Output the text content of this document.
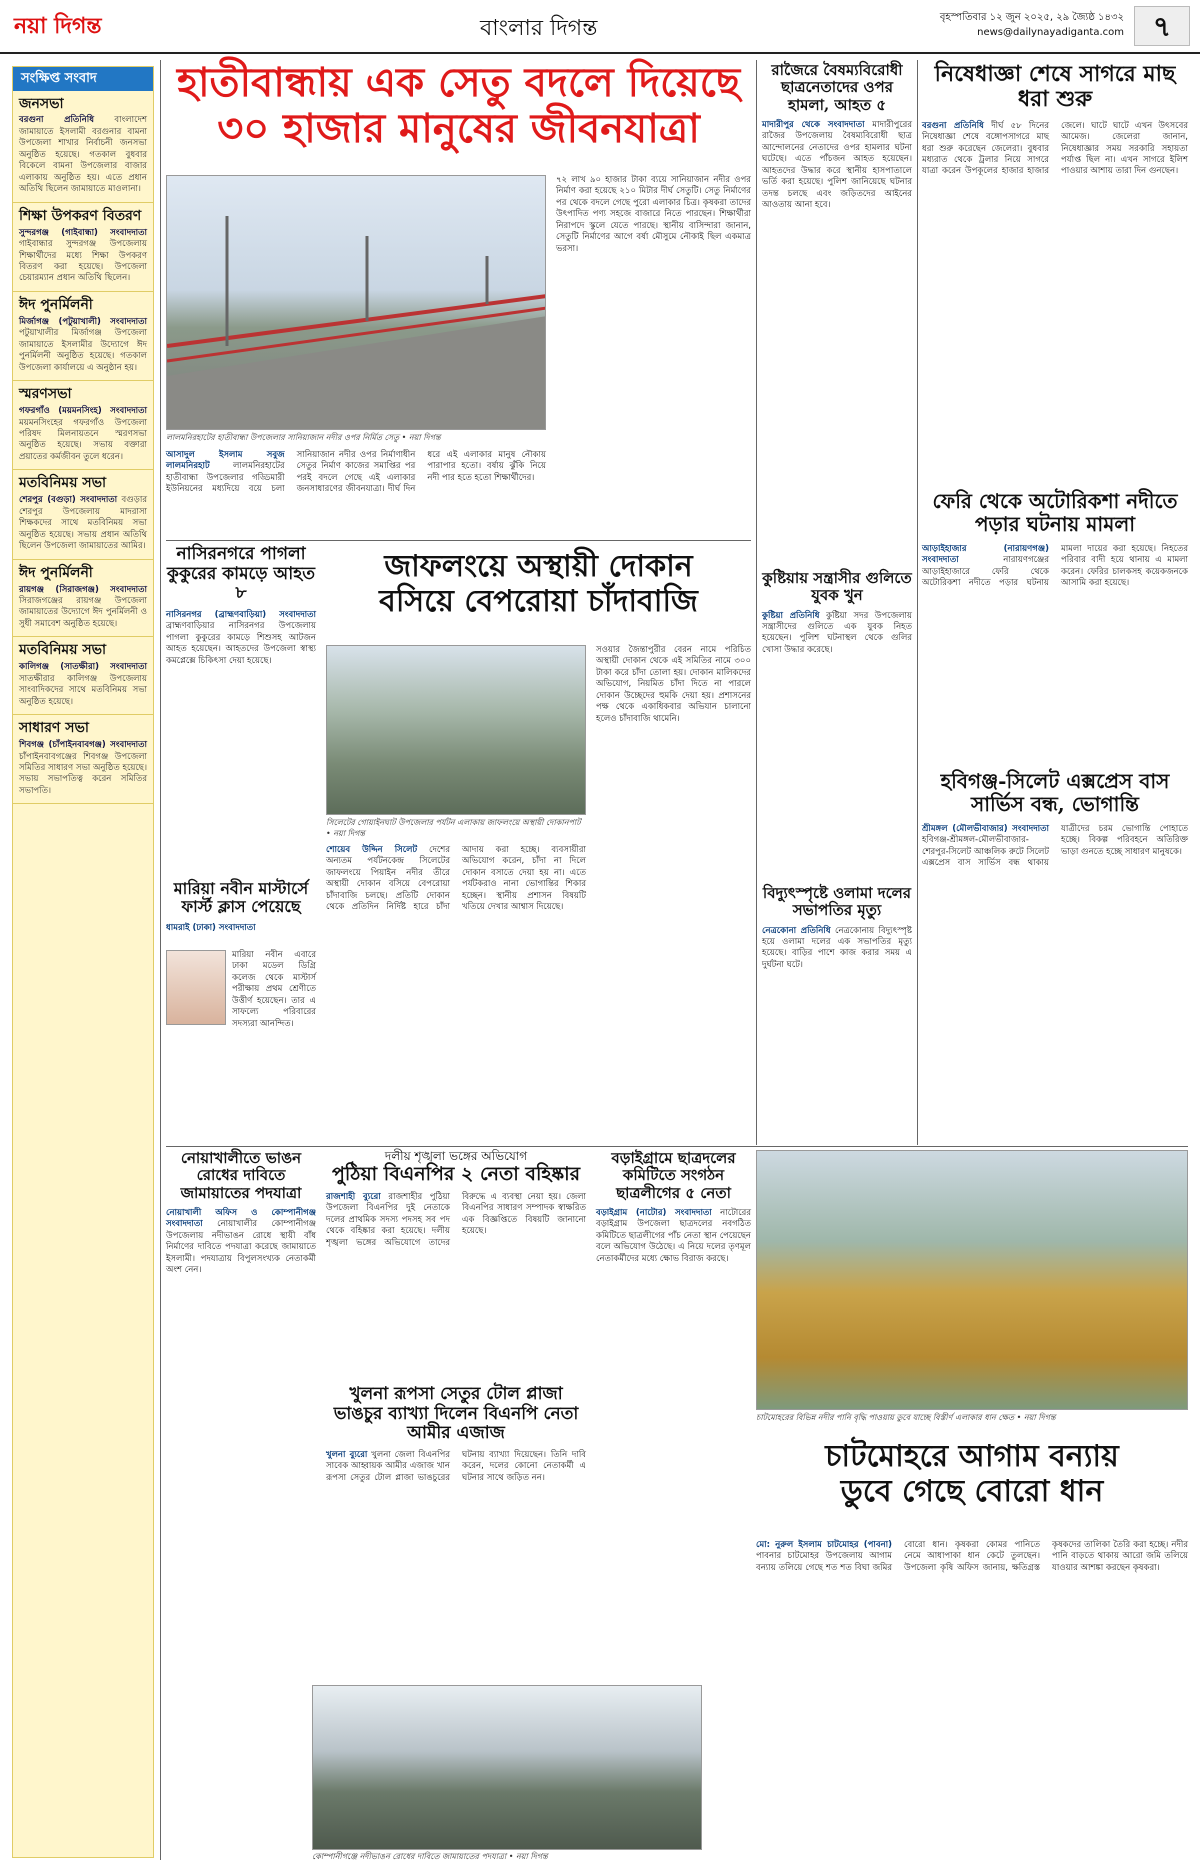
নয়া দিগন্ত	বাংলার দিগন্ত	বৃহস্পতিবার ১২ জুন ২০২৫, ২৯ জ্যৈষ্ঠ ১৪৩২
news@dailynayadiganta.com	৭
সংক্ষিপ্ত সংবাদ
জনসভা

বরগুনা প্রতিনিধি বাংলাদেশ জামায়াতে ইসলামী বরগুনার বামনা উপজেলা শাখার নির্বাচনী জনসভা অনুষ্ঠিত হয়েছে। গতকাল বুধবার বিকেলে বামনা উপজেলার বাজার এলাকায় অনুষ্ঠিত হয়। এতে প্রধান অতিথি ছিলেন জামায়াতে মাওলানা।

শিক্ষা উপকরণ বিতরণ

সুন্দরগঞ্জ (গাইবান্ধা) সংবাদদাতা গাইবান্ধার সুন্দরগঞ্জ উপজেলায় শিক্ষার্থীদের মধ্যে শিক্ষা উপকরণ বিতরণ করা হয়েছে। উপজেলা চেয়ারম্যান প্রধান অতিথি ছিলেন।

ঈদ পুনর্মিলনী

মির্জাগঞ্জ (পটুয়াখালী) সংবাদদাতা পটুয়াখালীর মির্জাগঞ্জ উপজেলা জামায়াতে ইসলামীর উদ্যোগে ঈদ পুনর্মিলনী অনুষ্ঠিত হয়েছে। গতকাল উপজেলা কার্যালয়ে এ অনুষ্ঠান হয়।

স্মরণসভা

গফরগাঁও (ময়মনসিংহ) সংবাদদাতা ময়মনসিংহের গফরগাঁও উপজেলা পরিষদ মিলনায়তনে স্মরণসভা অনুষ্ঠিত হয়েছে। সভায় বক্তারা প্রয়াতের কর্মজীবন তুলে ধরেন।

মতবিনিময় সভা

শেরপুর (বগুড়া) সংবাদদাতা বগুড়ার শেরপুর উপজেলায় মাদরাসা শিক্ষকদের সাথে মতবিনিময় সভা অনুষ্ঠিত হয়েছে। সভায় প্রধান অতিথি ছিলেন উপজেলা জামায়াতের আমির।

ঈদ পুনর্মিলনী

রায়গঞ্জ (সিরাজগঞ্জ) সংবাদদাতা সিরাজগঞ্জের রায়গঞ্জ উপজেলা জামায়াতের উদ্যোগে ঈদ পুনর্মিলনী ও সুধী সমাবেশ অনুষ্ঠিত হয়েছে।

মতবিনিময় সভা

কালিগঞ্জ (সাতক্ষীরা) সংবাদদাতা সাতক্ষীরার কালিগঞ্জ উপজেলায় সাংবাদিকদের সাথে মতবিনিময় সভা অনুষ্ঠিত হয়েছে।

সাধারণ সভা

শিবগঞ্জ (চাঁপাইনবাবগঞ্জ) সংবাদদাতা চাঁপাইনবাবগঞ্জের শিবগঞ্জ উপজেলা সমিতির সাধারণ সভা অনুষ্ঠিত হয়েছে। সভায় সভাপতিত্ব করেন সমিতির সভাপতি।

হাতীবান্ধায় এক সেতু বদলে দিয়েছে
৩০ হাজার মানুষের জীবনযাত্রা
লালমনিরহাটের হাতীবান্ধা উপজেলার সানিয়াজান নদীর ওপর নির্মিত সেতু • নয়া দিগন্ত
আসাদুল ইসলাম সবুজ লালমনিরহাট	লালমনিরহাটের হাতীবান্ধা উপজেলার গড্ডিমারী ইউনিয়নের মধ্যদিয়ে বয়ে চলা সানিয়াজান নদীর ওপর নির্মাণাধীন সেতুর নির্মাণ কাজের সমাপ্তির পর পরই বদলে গেছে এই এলাকার জনসাধারণের জীবনযাত্রা। দীর্ঘ দিন ধরে এই এলাকার মানুষ নৌকায় পারাপার হতো। বর্ষায় ঝুঁকি নিয়ে নদী পার হতে হতো শিক্ষার্থীদের।
৭২ লাখ ৯০ হাজার টাকা ব্যয়ে সানিয়াজান নদীর ওপর নির্মাণ করা হয়েছে ২১০ মিটার দীর্ঘ সেতুটি। সেতু নির্মাণের পর থেকে বদলে গেছে পুরো এলাকার চিত্র। কৃষকরা তাদের উৎপাদিত পণ্য সহজে বাজারে নিতে পারছেন। শিক্ষার্থীরা নিরাপদে স্কুলে যেতে পারছে। স্থানীয় বাসিন্দারা জানান, সেতুটি নির্মাণের আগে বর্ষা মৌসুমে নৌকাই ছিল একমাত্র ভরসা।
নাসিরনগরে পাগলা কুকুরের কামড়ে আহত ৮
নাসিরনগর (ব্রাহ্মণবাড়িয়া) সংবাদদাতা ব্রাহ্মণবাড়িয়ার নাসিরনগর উপজেলায় পাগলা কুকুরের কামড়ে শিশুসহ আটজন আহত হয়েছেন। আহতদের উপজেলা স্বাস্থ্য কমপ্লেক্সে চিকিৎসা দেয়া হয়েছে।
মারিয়া নবীন মাস্টার্সে ফার্স্ট ক্লাস পেয়েছে
ধামরাই (ঢাকা) সংবাদদাতা
মারিয়া নবীন এবারে ঢাকা মডেল ডিগ্রি কলেজ থেকে মাস্টার্স পরীক্ষায় প্রথম শ্রেণীতে উত্তীর্ণ হয়েছেন। তার এ সাফল্যে পরিবারের সদস্যরা আনন্দিত।
নোয়াখালীতে ভাঙন রোধের দাবিতে জামায়াতের পদযাত্রা
নোয়াখালী অফিস ও কোম্পানীগঞ্জ সংবাদদাতা নোয়াখালীর কোম্পানীগঞ্জ উপজেলায় নদীভাঙন রোধে স্থায়ী বাঁধ নির্মাণের দাবিতে পদযাত্রা করেছে জামায়াতে ইসলামী। পদযাত্রায় বিপুলসংখ্যক নেতাকর্মী অংশ নেন।
জাফলংয়ে অস্থায়ী দোকান
বসিয়ে বেপরোয়া চাঁদাবাজি
সিলেটের গোয়াইনঘাট উপজেলার পর্যটন এলাকায় জাফলংয়ে অস্থায়ী দোকানপাট • নয়া দিগন্ত
শোয়েব উদ্দিন সিলেট দেশের অন্যতম পর্যটনকেন্দ্র সিলেটের জাফলংয়ে পিয়াইন নদীর তীরে অস্থায়ী দোকান বসিয়ে বেপরোয়া চাঁদাবাজি চলছে। প্রতিটি দোকান থেকে প্রতিদিন নির্দিষ্ট হারে চাঁদা আদায় করা হচ্ছে। ব্যবসায়ীরা অভিযোগ করেন, চাঁদা না দিলে দোকান বসাতে দেয়া হয় না। এতে পর্যটকরাও নানা ভোগান্তির শিকার হচ্ছেন। স্থানীয় প্রশাসন বিষয়টি খতিয়ে দেখার আশ্বাস দিয়েছে।
সওয়ার জৈন্তাপুরীর বেরন নামে পরিচিত অস্থায়ী দোকান থেকে এই সমিতির নামে ৩০০ টাকা করে চাঁদা তোলা হয়। দোকান মালিকদের অভিযোগ, নিয়মিত চাঁদা দিতে না পারলে দোকান উচ্ছেদের হুমকি দেয়া হয়। প্রশাসনের পক্ষ থেকে একাধিকবার অভিযান চালানো হলেও চাঁদাবাজি থামেনি।
দলীয় শৃঙ্খলা ভঙ্গের অভিযোগ
পুঠিয়া বিএনপির ২ নেতা বহিষ্কার
রাজশাহী ব্যুরো রাজশাহীর পুঠিয়া উপজেলা বিএনপির দুই নেতাকে দলের প্রাথমিক সদস্য পদসহ সব পদ থেকে বহিষ্কার করা হয়েছে। দলীয় শৃঙ্খলা ভঙ্গের অভিযোগে তাদের বিরুদ্ধে এ ব্যবস্থা নেয়া হয়। জেলা বিএনপির সাধারণ সম্পাদক স্বাক্ষরিত এক বিজ্ঞপ্তিতে বিষয়টি জানানো হয়েছে।
খুলনা রূপসা সেতুর টোল প্লাজা ভাঙচুর ব্যাখ্যা দিলেন বিএনপি নেতা আমীর এজাজ
খুলনা ব্যুরো খুলনা জেলা বিএনপির সাবেক আহ্বায়ক আমীর এজাজ খান রূপসা সেতুর টোল প্লাজা ভাঙচুরের ঘটনায় ব্যাখ্যা দিয়েছেন। তিনি দাবি করেন, দলের কোনো নেতাকর্মী এ ঘটনার সাথে জড়িত নন।
কোম্পানীগঞ্জে নদীভাঙন রোধের দাবিতে জামায়াতের পদযাত্রা • নয়া দিগন্ত
বড়াইগ্রামে ছাত্রদলের কমিটিতে সংগঠন ছাত্রলীগের ৫ নেতা
বড়াইগ্রাম (নাটোর) সংবাদদাতা নাটোরের বড়াইগ্রাম উপজেলা ছাত্রদলের নবগঠিত কমিটিতে ছাত্রলীগের পাঁচ নেতা স্থান পেয়েছেন বলে অভিযোগ উঠেছে। এ নিয়ে দলের তৃণমূল নেতাকর্মীদের মধ্যে ক্ষোভ বিরাজ করছে।
রাজৈরে বৈষম্যবিরোধী ছাত্রনেতাদের ওপর হামলা, আহত ৫
মাদারীপুর থেকে সংবাদদাতা মাদারীপুরের রাজৈর উপজেলায় বৈষম্যবিরোধী ছাত্র আন্দোলনের নেতাদের ওপর হামলার ঘটনা ঘটেছে। এতে পাঁচজন আহত হয়েছেন। আহতদের উদ্ধার করে স্থানীয় হাসপাতালে ভর্তি করা হয়েছে। পুলিশ জানিয়েছে ঘটনার তদন্ত চলছে এবং জড়িতদের আইনের আওতায় আনা হবে।
কুষ্টিয়ায় সন্ত্রাসীর গুলিতে যুবক খুন
কুষ্টিয়া প্রতিনিধি কুষ্টিয়া সদর উপজেলায় সন্ত্রাসীদের গুলিতে এক যুবক নিহত হয়েছেন। পুলিশ ঘটনাস্থল থেকে গুলির খোসা উদ্ধার করেছে।
বিদ্যুৎস্পৃষ্টে ওলামা দলের সভাপতির মৃত্যু
নেত্রকোনা প্রতিনিধি নেত্রকোনায় বিদ্যুৎস্পৃষ্ট হয়ে ওলামা দলের এক সভাপতির মৃত্যু হয়েছে। বাড়ির পাশে কাজ করার সময় এ দুর্ঘটনা ঘটে।
নিষেধাজ্ঞা শেষে সাগরে মাছ ধরা শুরু
বরগুনা প্রতিনিধি দীর্ঘ ৫৮ দিনের নিষেধাজ্ঞা শেষে বঙ্গোপসাগরে মাছ ধরা শুরু করেছেন জেলেরা। বুধবার মধ্যরাত থেকে ট্রলার নিয়ে সাগরে যাত্রা করেন উপকূলের হাজার হাজার জেলে। ঘাটে ঘাটে এখন উৎসবের আমেজ। জেলেরা জানান, নিষেধাজ্ঞার সময় সরকারি সহায়তা পর্যাপ্ত ছিল না। এখন সাগরে ইলিশ পাওয়ার আশায় তারা দিন গুনছেন।
ফেরি থেকে অটোরিকশা নদীতে পড়ার ঘটনায় মামলা
আড়াইহাজার (নারায়ণগঞ্জ) সংবাদদাতা	নারায়ণগঞ্জের আড়াইহাজারে ফেরি থেকে অটোরিকশা নদীতে পড়ার ঘটনায় মামলা দায়ের করা হয়েছে। নিহতের পরিবার বাদী হয়ে থানায় এ মামলা করেন। ফেরির চালকসহ কয়েকজনকে আসামি করা হয়েছে।
হবিগঞ্জ-সিলেট এক্সপ্রেস বাস সার্ভিস বন্ধ, ভোগান্তি
শ্রীমঙ্গল (মৌলভীবাজার) সংবাদদাতা হবিগঞ্জ-শ্রীমঙ্গল-মৌলভীবাজার-শেরপুর-সিলেট আঞ্চলিক রুটে সিলেট এক্সপ্রেস বাস সার্ভিস বন্ধ থাকায় যাত্রীদের চরম ভোগান্তি পোহাতে হচ্ছে। বিকল্প পরিবহনে অতিরিক্ত ভাড়া গুনতে হচ্ছে সাধারণ মানুষকে।
চাটমোহরের বিভিন্ন নদীর পানি বৃদ্ধি পাওয়ায় ডুবে যাচ্ছে বিস্তীর্ণ এলাকার ধান ক্ষেত • নয়া দিগন্ত
চাটমোহরে আগাম বন্যায়
ডুবে গেছে বোরো ধান
মো: নুরুল ইসলাম চাটমোহর (পাবনা) পাবনার চাটমোহর উপজেলায় আগাম বন্যায় তলিয়ে গেছে শত শত বিঘা জমির বোরো ধান। কৃষকরা কোমর পানিতে নেমে আধাপাকা ধান কেটে তুলছেন। উপজেলা কৃষি অফিস জানায়, ক্ষতিগ্রস্ত কৃষকদের তালিকা তৈরি করা হচ্ছে। নদীর পানি বাড়তে থাকায় আরো জমি তলিয়ে যাওয়ার আশঙ্কা করছেন কৃষকরা।
